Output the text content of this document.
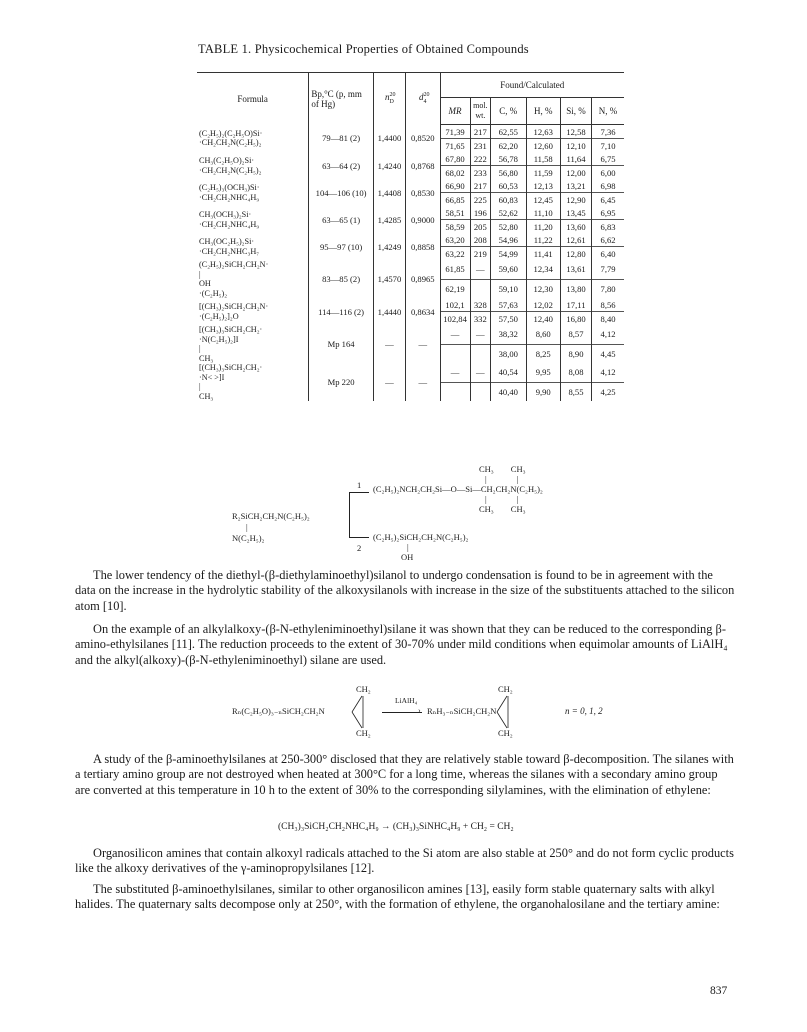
TABLE 1. Physicochemical Properties of Obtained Compounds
Formula	Bp,°C (p, mm of Hg)	$n^{20}_D$	$d^{20}_4$	Found/Calculated					
				MR	mol. wt.	C, %	H, %	Si, %	N, %
(C₂H₅)₂(C₂H₅O)Si·
·CH₂CH₂N(C₂H₅)₂	79—81 (2)	1,4400	0,8520	71,39	217	62,55	12,63	12,58	7,36
				71,65	231	62,20	12,60	12,10	7,10
CH₃(C₂H₅O)₂Si·
·CH₂CH₂N(C₂H₅)₂	63—64 (2)	1,4240	0,8768	67,80	222	56,78	11,58	11,64	6,75
				68,02	233	56,80	11,59	12,00	6,00
(C₂H₅)₃(OCH₃)Si·
·CH₂CH₂NHC₄H₉	104—106 (10)	1,4408	0,8530	66,90	217	60,53	12,13	13,21	6,98
				66,85	225	60,83	12,45	12,90	6,45
CH₃(OCH₃)₂Si·
·CH₂CH₂NHC₄H₉	63—65 (1)	1,4285	0,9000	58,51	196	52,62	11,10	13,45	6,95
				58,59	205	52,80	11,20	13,60	6,83
CH₃(OC₂H₅)₂Si·
·CH₂CH₂NHC₃H₇	95—97 (10)	1,4249	0,8858	63,20	208	54,96	11,22	12,61	6,62
				63,22	219	54,99	11,41	12,80	6,40
(C₂H₅)₂SiCH₂CH₂N·
|
OH
·(C₂H₅)₂	83—85 (2)	1,4570	0,8965	61,85	—	59,60	12,34	13,61	7,79
				62,19		59,10	12,30	13,80	7,80
[(CH₃)₂SiCH₂CH₂N·
·(C₂H₅)₂]₂O	114—116 (2)	1,4440	0,8634	102,1	328	57,63	12,02	17,11	8,56
				102,84	332	57,50	12,40	16,80	8,40
[(CH₃)₃SiCH₂CH₂·
·N(C₂H₅)₂]I
|
CH₃	Mp 164	—	—	—	—	38,32	8,60	8,57	4,12
						38,00	8,25	8,90	4,45
[(CH₃)₃SiCH₂CH₂·
·N< >]I
|
CH₃	Mp 220	—	—	—	—	40,54	9,95	8,08	4,12
						40,40	9,90	8,55	4,25
R₂SiCH₂CH₂N(C₂H₅)₂
|
N(C₂H₅)₂
1
2
CH₃        CH₃
|              |
(C₂H₅)₂NCH₂CH₂Si—O—Si—CH₂CH₂N(C₂H₅)₂
|              |
CH₃        CH₃
(C₂H₅)₂SiCH₂CH₂N(C₂H₅)₂
|
OH
The lower tendency of the diethyl-(β-diethylaminoethyl)silanol to undergo condensation is found to be in agreement with the data on the increase in the hydrolytic stability of the alkoxysilanols with increase in the size of the substituents attached to the silicon atom [10].
On the example of an alkylalkoxy-(β-N-ethyleniminoethyl)silane it was shown that they can be reduced to the corresponding β-amino-ethylsilanes [11]. The reduction proceeds to the extent of 30-70% under mild conditions when equimolar amounts of LiAlH₄ and the alkyl(alkoxy)-(β-N-ethyleniminoethyl) silane are used.
CH₂
Rₙ(C₂H₅O)₃₋ₙSiCH₂CH₂N
CH₂
LiAlH₄
› RₙH₃₋ₙSiCH₂CH₂N
CH₂
CH₂
n = 0, 1, 2
A study of the β-aminoethylsilanes at 250-300° disclosed that they are relatively stable toward β-decomposition. The silanes with a tertiary amino group are not destroyed when heated at 300°C for a long time, whereas the silanes with a secondary amino group are converted at this temperature in 10 h to the extent of 30% to the corresponding silylamines, with the elimination of ethylene:
(CH₃)₃SiCH₂CH₂NHC₄H₉ → (CH₃)₃SiNHC₄H₉ + CH₂ = CH₂
Organosilicon amines that contain alkoxyl radicals attached to the Si atom are also stable at 250° and do not form cyclic products like the alkoxy derivatives of the γ-aminopropylsilanes [12].
The substituted β-aminoethylsilanes, similar to other organosilicon amines [13], easily form stable quaternary salts with alkyl halides. The quaternary salts decompose only at 250°, with the formation of ethylene, the organohalosilane and the tertiary amine:
837
